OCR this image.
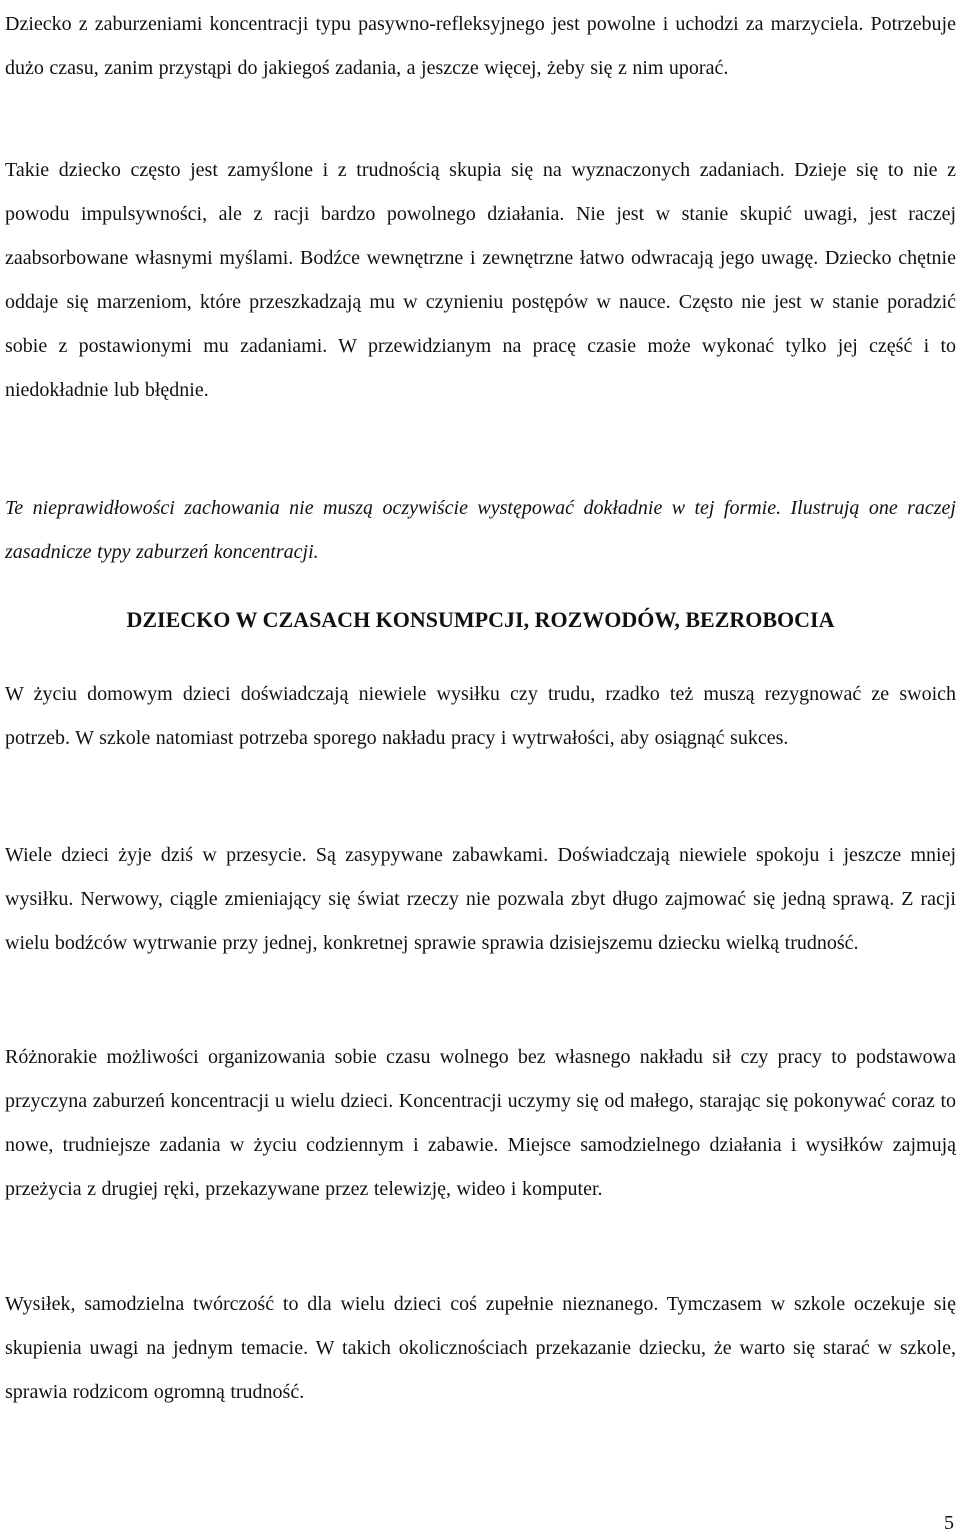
Dziecko z zaburzeniami koncentracji typu pasywno-refleksyjnego jest powolne i uchodzi za marzyciela. Potrzebuje dużo czasu, zanim przystąpi do jakiegoś zadania, a jeszcze więcej, żeby się z nim uporać.

Takie dziecko często jest zamyślone i z trudnością skupia się na wyznaczonych zadaniach. Dzieje się to nie z powodu impulsywności, ale z racji bardzo powolnego działania. Nie jest w stanie skupić uwagi, jest raczej zaabsorbowane własnymi myślami. Bodźce wewnętrzne i zewnętrzne łatwo odwracają jego uwagę. Dziecko chętnie oddaje się marzeniom, które przeszkadzają mu w czynieniu postępów w nauce. Często nie jest w stanie poradzić sobie z postawionymi mu zadaniami. W przewidzianym na pracę czasie może wykonać tylko jej część i to niedokładnie lub błędnie.

Te nieprawidłowości zachowania nie muszą oczywiście występować dokładnie w tej formie. Ilustrują one raczej zasadnicze typy zaburzeń koncentracji.

DZIECKO W CZASACH KONSUMPCJI, ROZWODÓW, BEZROBOCIA

W życiu domowym dzieci doświadczają niewiele wysiłku czy trudu, rzadko też muszą rezygnować ze swoich potrzeb. W szkole natomiast potrzeba sporego nakładu pracy i wytrwałości, aby osiągnąć sukces.

Wiele dzieci żyje dziś w przesycie. Są zasypywane zabawkami. Doświadczają niewiele spokoju i jeszcze mniej wysiłku. Nerwowy, ciągle zmieniający się świat rzeczy nie pozwala zbyt długo zajmować się jedną sprawą. Z racji wielu bodźców wytrwanie przy jednej, konkretnej sprawie sprawia dzisiejszemu dziecku wielką trudność.

Różnorakie możliwości organizowania sobie czasu wolnego bez własnego nakładu sił czy pracy to podstawowa przyczyna zaburzeń koncentracji u wielu dzieci. Koncentracji uczymy się od małego, starając się pokonywać coraz to nowe, trudniejsze zadania w życiu codziennym i zabawie. Miejsce samodzielnego działania i wysiłków zajmują przeżycia z drugiej ręki, przekazywane przez telewizję, wideo i komputer.

Wysiłek, samodzielna twórczość to dla wielu dzieci coś zupełnie nieznanego. Tymczasem w szkole oczekuje się skupienia uwagi na jednym temacie. W takich okolicznościach przekazanie dziecku, że warto się starać w szkole, sprawia rodzicom ogromną trudność.

5
